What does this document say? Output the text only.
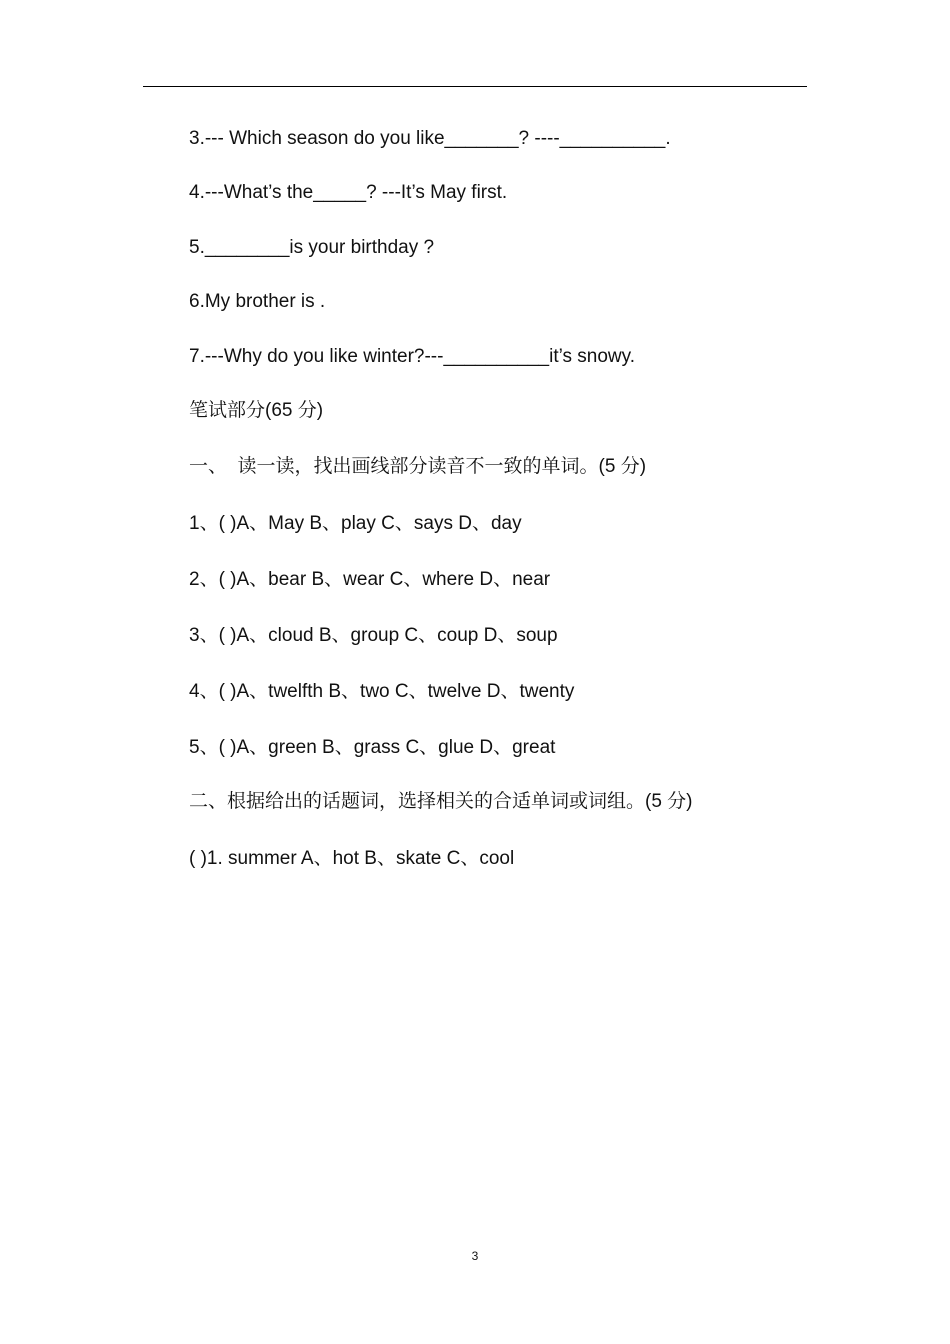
3.--- Which season do you like_______? ----__________.
4.---What’s the_____? ---It’s May first.
5.________is your birthday ?
6.My brother is .
7.---Why do you like winter?---__________it’s snowy.
笔试部分(65 分)
一、  读一读，找出画线部分读音不一致的单词。(5 分)
1、( )A、May B、play C、says D、day
2、( )A、bear B、wear C、where D、near
3、( )A、cloud B、group C、coup D、soup
4、( )A、twelfth B、two C、twelve D、twenty
5、( )A、green B、grass C、glue D、great
二、根据给出的话题词，选择相关的合适单词或词组。(5 分)
( )1. summer A、hot B、skate C、cool
3
